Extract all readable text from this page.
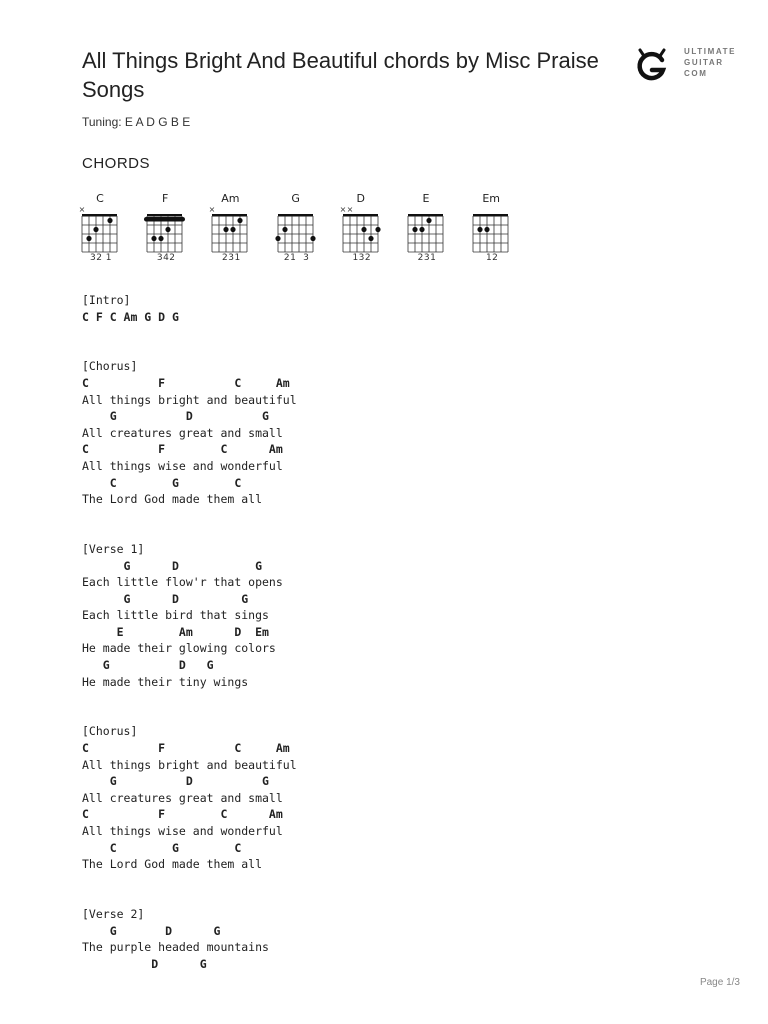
All Things Bright And Beautiful chords by Misc Praise Songs
ULTIMATE
GUITAR
COM
Tuning: E A D G B E
CHORDS
C
×
32 1
F
342
Am
×
231
G
21  3
D
× ×
132
E
231
Em
12
[Intro]
C F C Am G D G
[Chorus]
C          F          C     Am
All things bright and beautiful
G          D          G
All creatures great and small
C          F        C      Am
All things wise and wonderful
C        G        C
The Lord God made them all
[Verse 1]
G      D           G
Each little flow'r that opens
G      D         G
Each little bird that sings
E        Am      D  Em
He made their glowing colors
G          D   G
He made their tiny wings
[Chorus]
C          F          C     Am
All things bright and beautiful
G          D          G
All creatures great and small
C          F        C      Am
All things wise and wonderful
C        G        C
The Lord God made them all
[Verse 2]
G       D      G
The purple headed mountains
D      G
Page 1/3
